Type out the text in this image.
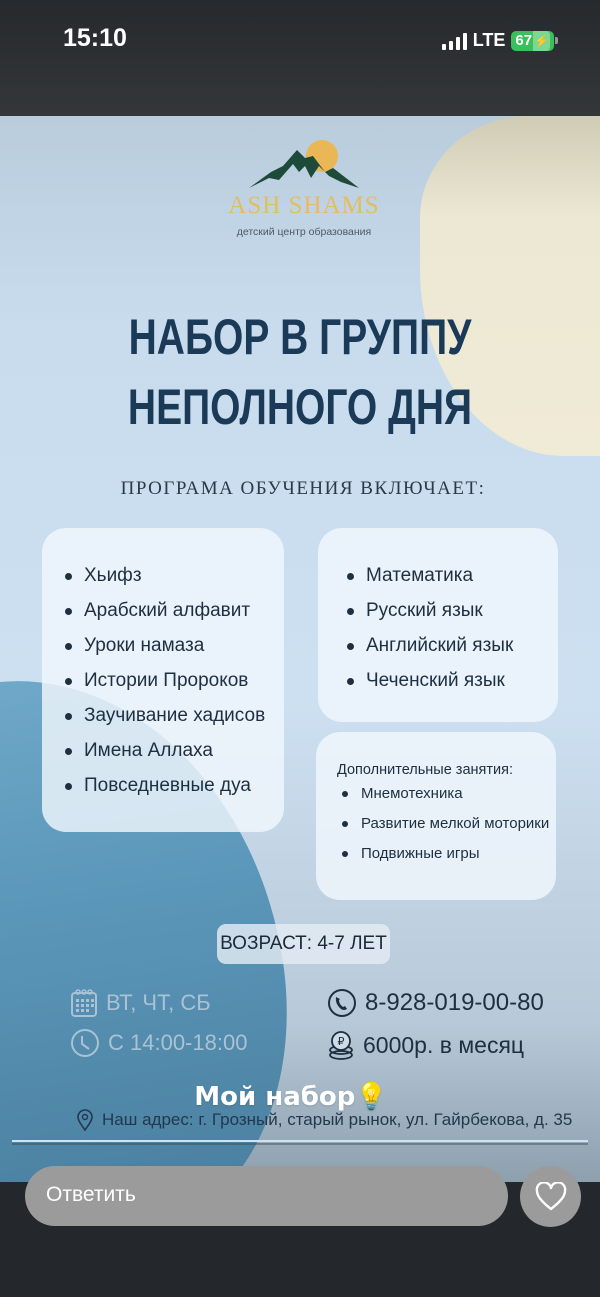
15:10	LTE 67 ⚡
ASH SHAMS
детский центр образования
НАБОР В ГРУППУ
НЕПОЛНОГО ДНЯ
ПРОГРАМА ОБУЧЕНИЯ ВКЛЮЧАЕТ:
Хьифз
Арабский алфавит
Уроки намаза
Истории Пророков
Заучивание хадисов
Имена Аллаха
Повседневные дуа
Математика
Русский язык
Английский язык
Чеченский язык
Дополнительные занятия:
Мнемотехника
Развитие мелкой моторики
Подвижные игры
ВОЗРАСТ: 4-7 ЛЕТ
ВТ, ЧТ, СБ
С 14:00-18:00
8-928-019-00-80
₽ 6000р. в месяц
Мой набор💡
Наш адрес: г. Грозный, старый рынок, ул. Гайрбекова, д. 35
Ответить
